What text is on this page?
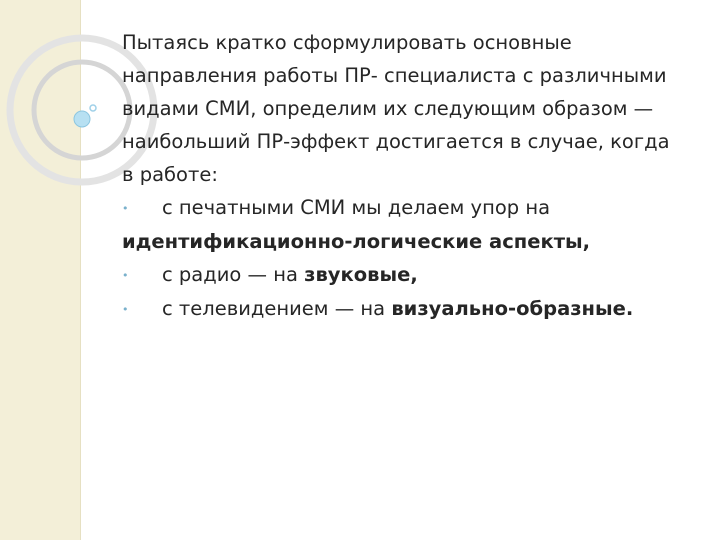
Пытаясь кратко сформулировать основные направления работы ПР- специалиста с различными видами СМИ, определим их следующим образом — наибольший ПР-эффект достигается в случае, когда в работе:

• с печатными СМИ мы делаем упор на идентификационно-логические аспекты,
• с радио — на звуковые,
• с телевидением — на визуально-образные.
